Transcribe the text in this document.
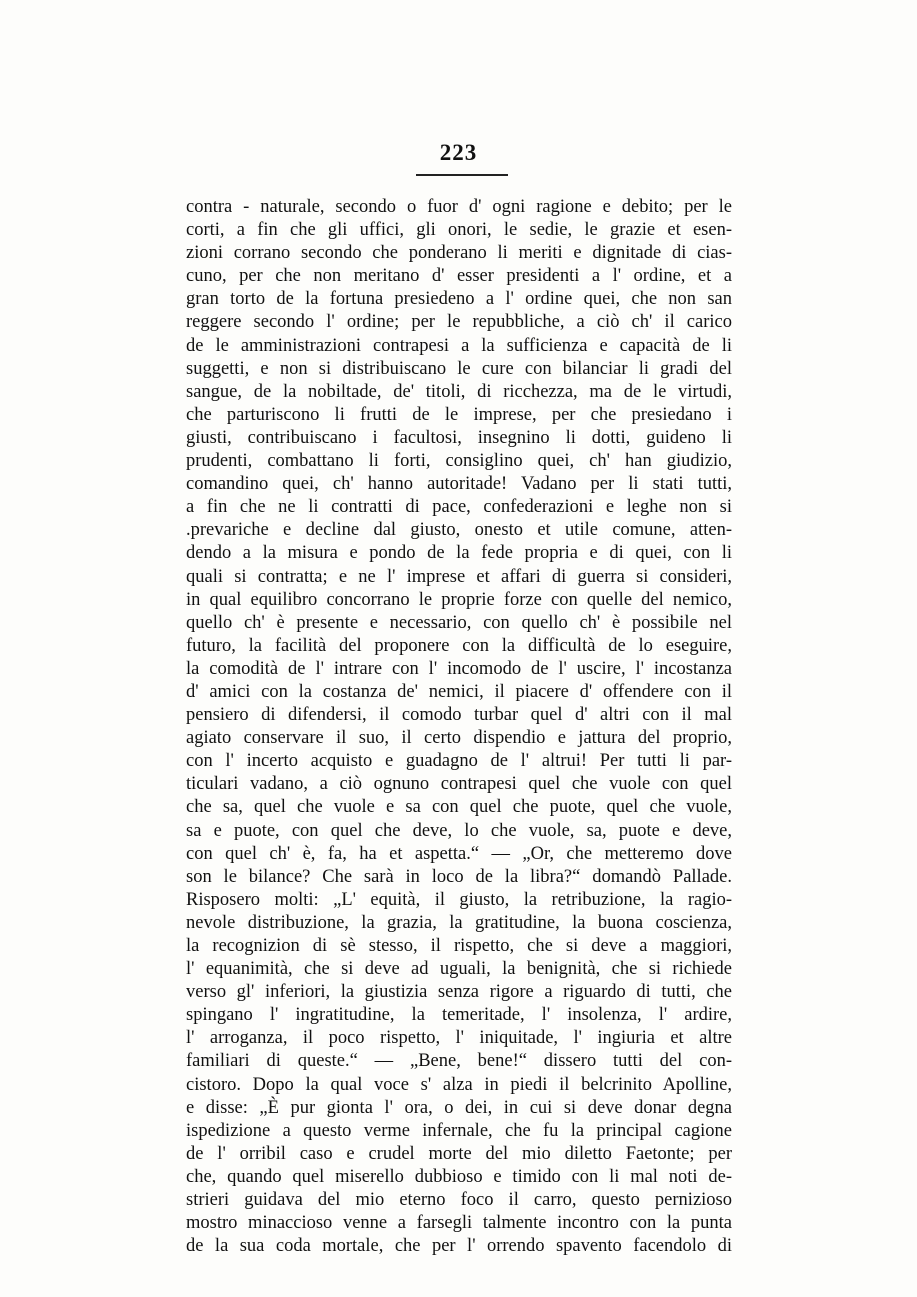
223
contra - naturale, secondo o fuor d' ogni ragione e debito; per le
corti, a fin che gli uffici, gli onori, le sedie, le grazie et esen-
zioni corrano secondo che ponderano li meriti e dignitade di cias-
cuno, per che non meritano d' esser presidenti a l' ordine, et a
gran torto de la fortuna presiedeno a l' ordine quei, che non san
reggere secondo l' ordine; per le repubbliche, a ciò ch' il carico
de le amministrazioni contrapesi a la sufficienza e capacità de li
suggetti, e non si distribuiscano le cure con bilanciar li gradi del
sangue, de la nobiltade, de' titoli, di ricchezza, ma de le virtudi,
che parturiscono li frutti de le imprese, per che presiedano i
giusti, contribuiscano i facultosi, insegnino li dotti, guideno li
prudenti, combattano li forti, consiglino quei, ch' han giudizio,
comandino quei, ch' hanno autoritade! Vadano per li stati tutti,
a fin che ne li contratti di pace, confederazioni e leghe non si
.prevariche e decline dal giusto, onesto et utile comune, atten-
dendo a la misura e pondo de la fede propria e di quei, con li
quali si contratta; e ne l' imprese et affari di guerra si consideri,
in qual equilibro concorrano le proprie forze con quelle del nemico,
quello ch' è presente e necessario, con quello ch' è possibile nel
futuro, la facilità del proponere con la difficultà de lo eseguire,
la comodità de l' intrare con l' incomodo de l' uscire, l' incostanza
d' amici con la costanza de' nemici, il piacere d' offendere con il
pensiero di difendersi, il comodo turbar quel d' altri con il mal
agiato conservare il suo, il certo dispendio e jattura del proprio,
con l' incerto acquisto e guadagno de l' altrui! Per tutti li par-
ticulari vadano, a ciò ognuno contrapesi quel che vuole con quel
che sa, quel che vuole e sa con quel che puote, quel che vuole,
sa e puote, con quel che deve, lo che vuole, sa, puote e deve,
con quel ch' è, fa, ha et aspetta.“ — „Or, che metteremo dove
son le bilance? Che sarà in loco de la libra?“ domandò Pallade.
Risposero molti: „L' equità, il giusto, la retribuzione, la ragio-
nevole distribuzione, la grazia, la gratitudine, la buona coscienza,
la recognizion di sè stesso, il rispetto, che si deve a maggiori,
l' equanimità, che si deve ad uguali, la benignità, che si richiede
verso gl' inferiori, la giustizia senza rigore a riguardo di tutti, che
spingano l' ingratitudine, la temeritade, l' insolenza, l' ardire,
l' arroganza, il poco rispetto, l' iniquitade, l' ingiuria et altre
familiari di queste.“ — „Bene, bene!“ dissero tutti del con-
cistoro. Dopo la qual voce s' alza in piedi il belcrinito Apolline,
e disse: „È pur gionta l' ora, o dei, in cui si deve donar degna
ispedizione a questo verme infernale, che fu la principal cagione
de l' orribil caso e crudel morte del mio diletto Faetonte; per
che, quando quel miserello dubbioso e timido con li mal noti de-
strieri guidava del mio eterno foco il carro, questo pernizioso
mostro minaccioso venne a farsegli talmente incontro con la punta
de la sua coda mortale, che per l' orrendo spavento facendolo di
